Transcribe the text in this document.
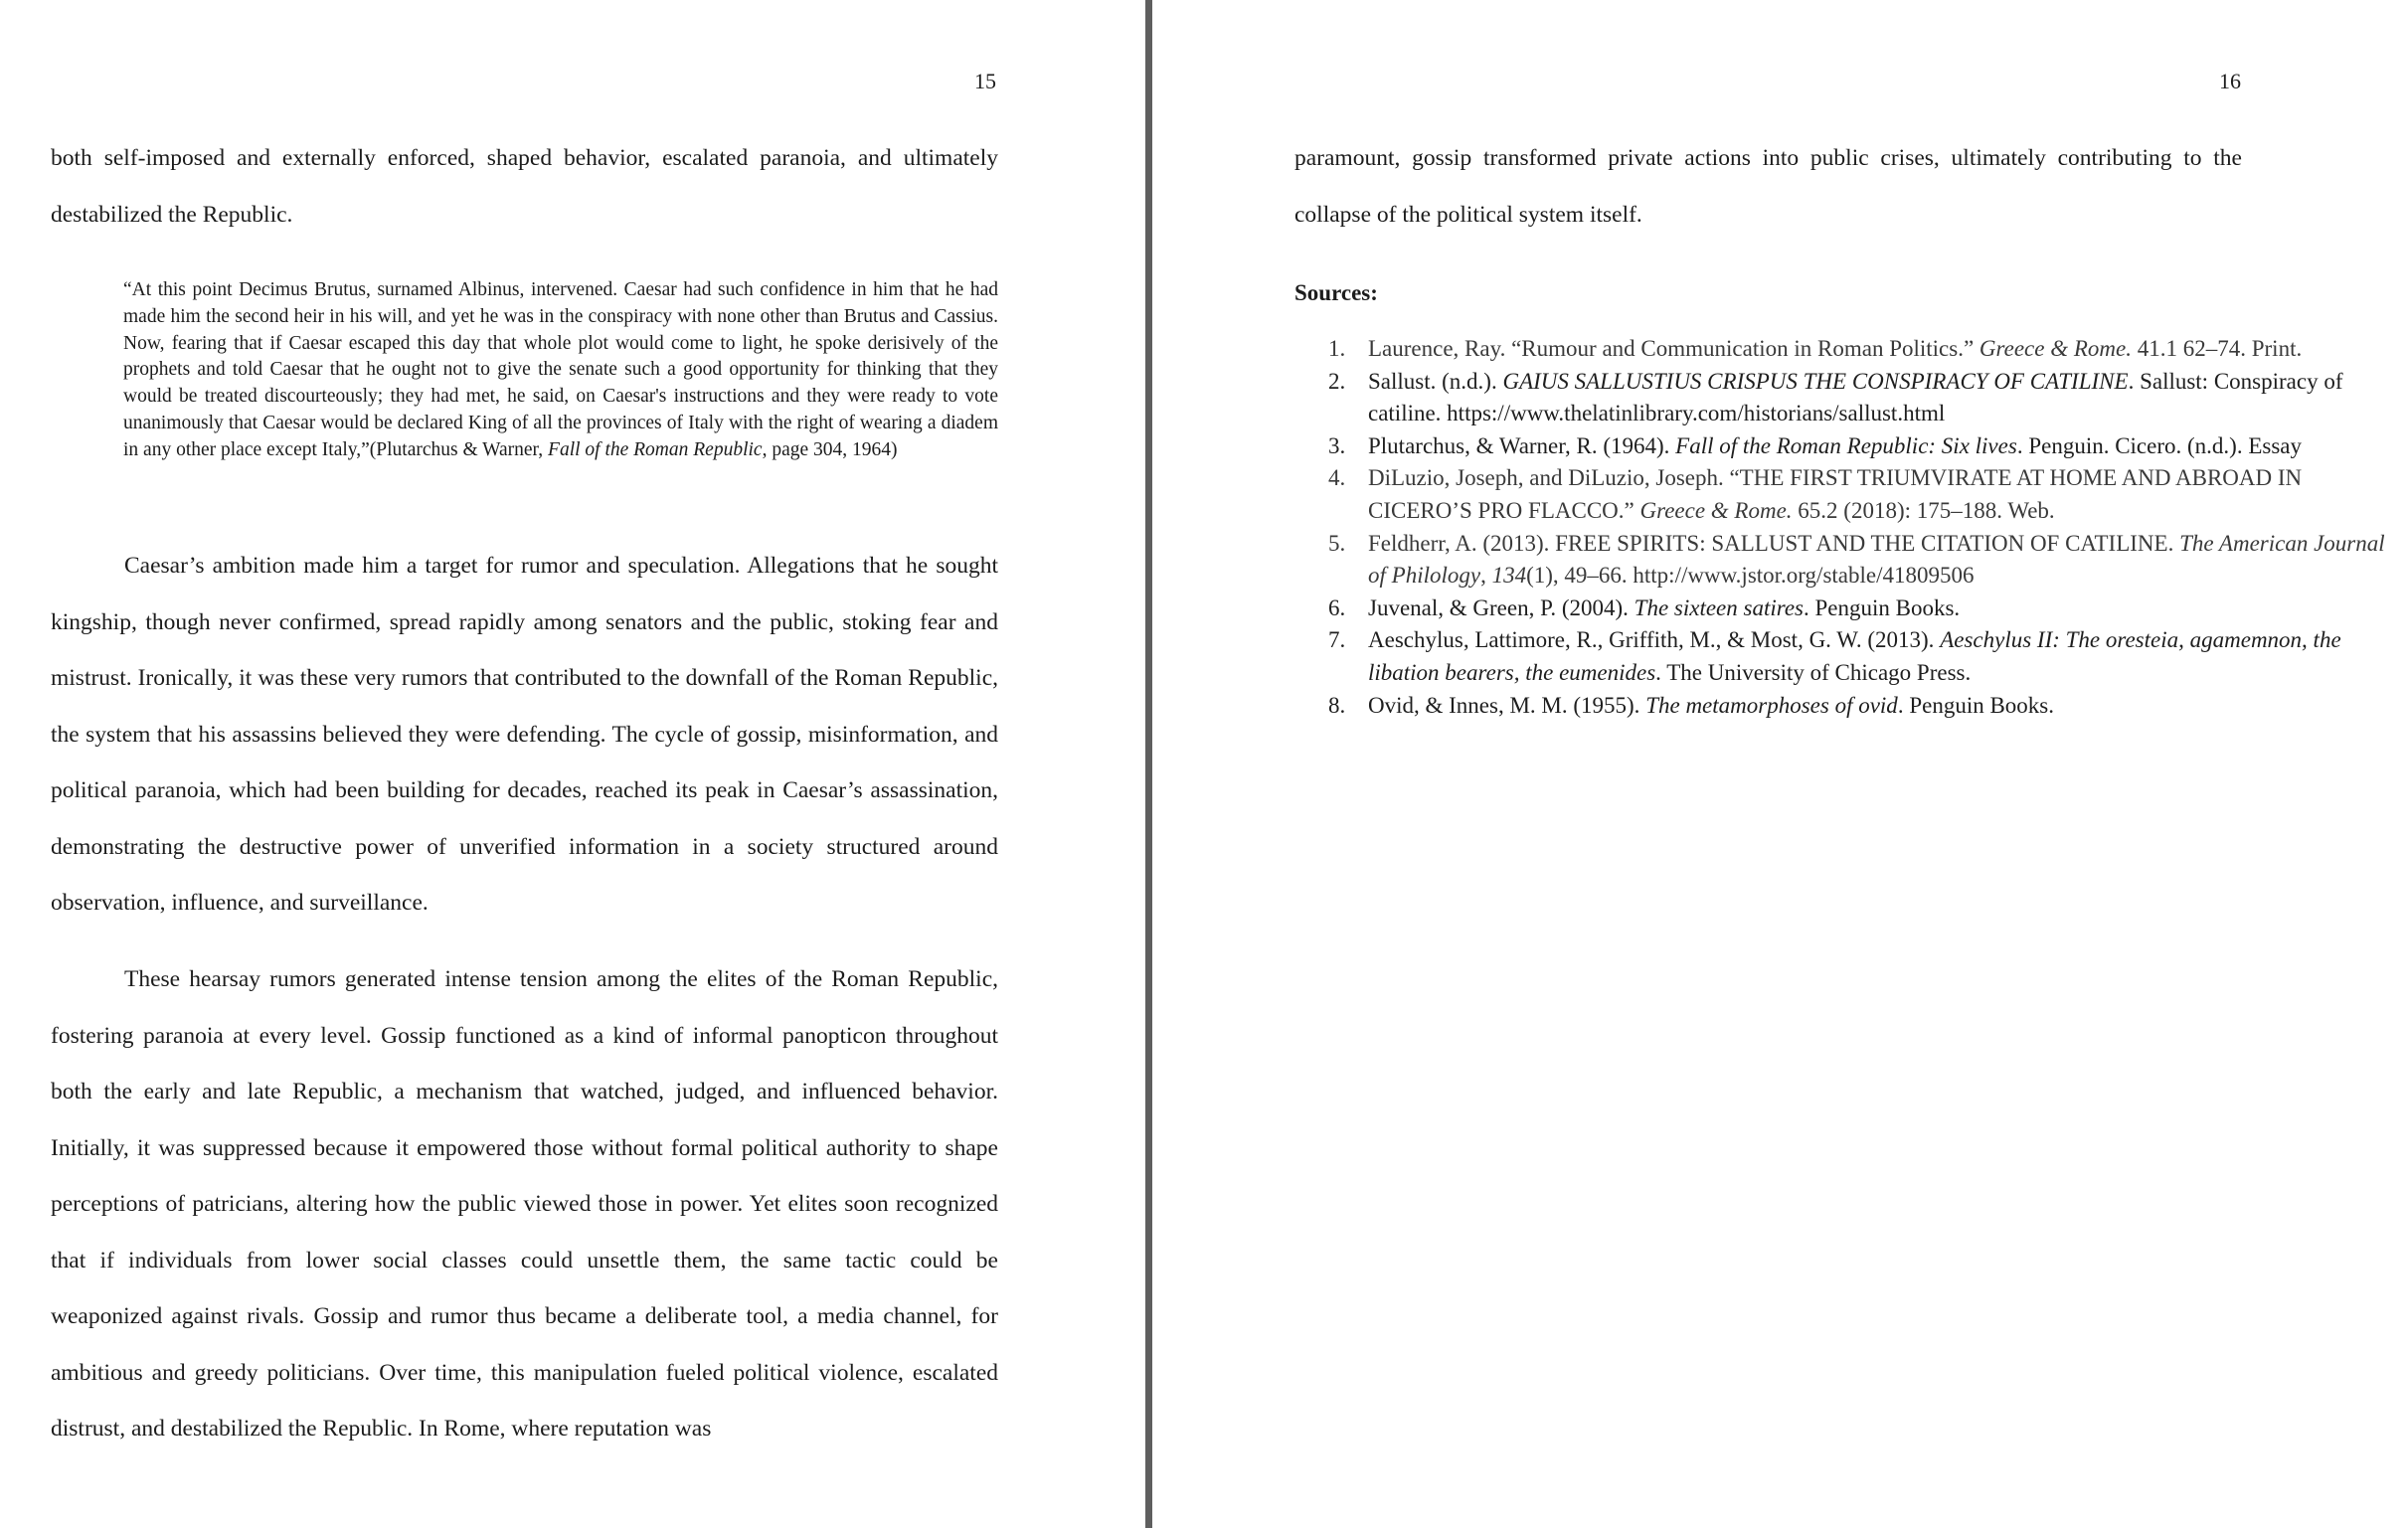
15

both self-imposed and externally enforced, shaped behavior, escalated paranoia, and ultimately destabilized the Republic.

“At this point Decimus Brutus, surnamed Albinus, intervened. Caesar had such confidence in him that he had made him the second heir in his will, and yet he was in the conspiracy with none other than Brutus and Cassius. Now, fearing that if Caesar escaped this day that whole plot would come to light, he spoke derisively of the prophets and told Caesar that he ought not to give the senate such a good opportunity for thinking that they would be treated discourteously; they had met, he said, on Caesar's instructions and they were ready to vote unanimously that Caesar would be declared King of all the provinces of Italy with the right of wearing a diadem in any other place except Italy,”(Plutarchus & Warner, Fall of the Roman Republic, page 304, 1964)

Caesar’s ambition made him a target for rumor and speculation. Allegations that he sought kingship, though never confirmed, spread rapidly among senators and the public, stoking fear and mistrust. Ironically, it was these very rumors that contributed to the downfall of the Roman Republic, the system that his assassins believed they were defending. The cycle of gossip, misinformation, and political paranoia, which had been building for decades, reached its peak in Caesar’s assassination, demonstrating the destructive power of unverified information in a society structured around observation, influence, and surveillance.

These hearsay rumors generated intense tension among the elites of the Roman Republic, fostering paranoia at every level. Gossip functioned as a kind of informal panopticon throughout both the early and late Republic, a mechanism that watched, judged, and influenced behavior. Initially, it was suppressed because it empowered those without formal political authority to shape perceptions of patricians, altering how the public viewed those in power. Yet elites soon recognized that if individuals from lower social classes could unsettle them, the same tactic could be weaponized against rivals. Gossip and rumor thus became a deliberate tool, a media channel, for ambitious and greedy politicians. Over time, this manipulation fueled political violence, escalated distrust, and destabilized the Republic. In Rome, where reputation was

16

paramount, gossip transformed private actions into public crises, ultimately contributing to the collapse of the political system itself.

Sources:

1. Laurence, Ray. “Rumour and Communication in Roman Politics.” Greece & Rome. 41.1 62–74. Print.
2. Sallust. (n.d.). GAIUS SALLUSTIUS CRISPUS THE CONSPIRACY OF CATILINE. Sallust: Conspiracy of catiline. https://www.thelatinlibrary.com/historians/sallust.html
3. Plutarchus, & Warner, R. (1964). Fall of the Roman Republic: Six lives. Penguin. Cicero. (n.d.). Essay
4. DiLuzio, Joseph, and DiLuzio, Joseph. “THE FIRST TRIUMVIRATE AT HOME AND ABROAD IN CICERO’S PRO FLACCO.” Greece & Rome. 65.2 (2018): 175–188. Web.
5. Feldherr, A. (2013). FREE SPIRITS: SALLUST AND THE CITATION OF CATILINE. The American Journal of Philology, 134(1), 49–66. http://www.jstor.org/stable/41809506
6. Juvenal, & Green, P. (2004). The sixteen satires. Penguin Books.
7. Aeschylus, Lattimore, R., Griffith, M., & Most, G. W. (2013). Aeschylus II: The oresteia, agamemnon, the libation bearers, the eumenides. The University of Chicago Press.
8. Ovid, & Innes, M. M. (1955). The metamorphoses of ovid. Penguin Books.
